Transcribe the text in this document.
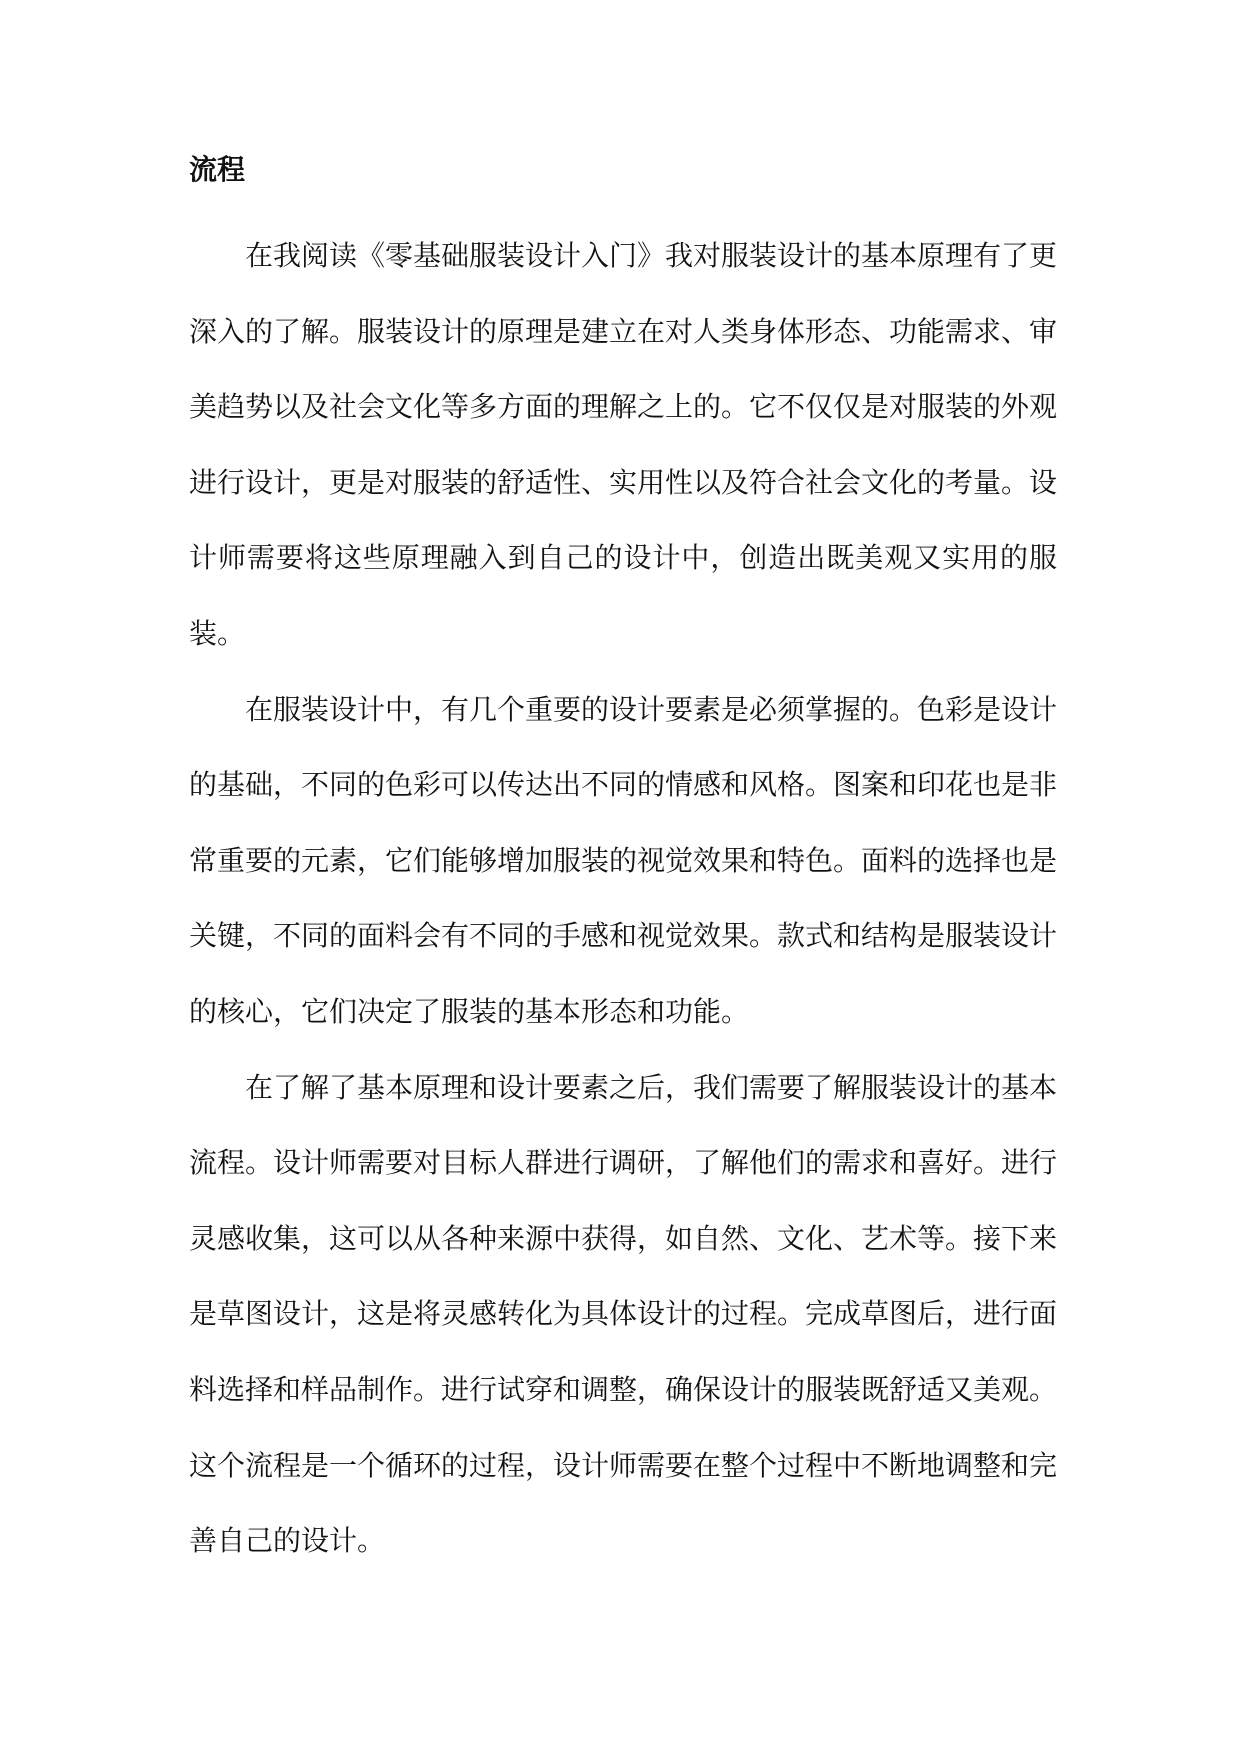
流程

在我阅读《零基础服装设计入门》我对服装设计的基本原理有了更深入的了解。服装设计的原理是建立在对人类身体形态、功能需求、审美趋势以及社会文化等多方面的理解之上的。它不仅仅是对服装的外观进行设计，更是对服装的舒适性、实用性以及符合社会文化的考量。设计师需要将这些原理融入到自己的设计中，创造出既美观又实用的服装。

在服装设计中，有几个重要的设计要素是必须掌握的。色彩是设计的基础，不同的色彩可以传达出不同的情感和风格。图案和印花也是非常重要的元素，它们能够增加服装的视觉效果和特色。面料的选择也是关键，不同的面料会有不同的手感和视觉效果。款式和结构是服装设计的核心，它们决定了服装的基本形态和功能。

在了解了基本原理和设计要素之后，我们需要了解服装设计的基本流程。设计师需要对目标人群进行调研，了解他们的需求和喜好。进行灵感收集，这可以从各种来源中获得，如自然、文化、艺术等。接下来是草图设计，这是将灵感转化为具体设计的过程。完成草图后，进行面料选择和样品制作。进行试穿和调整，确保设计的服装既舒适又美观。这个流程是一个循环的过程，设计师需要在整个过程中不断地调整和完善自己的设计。
